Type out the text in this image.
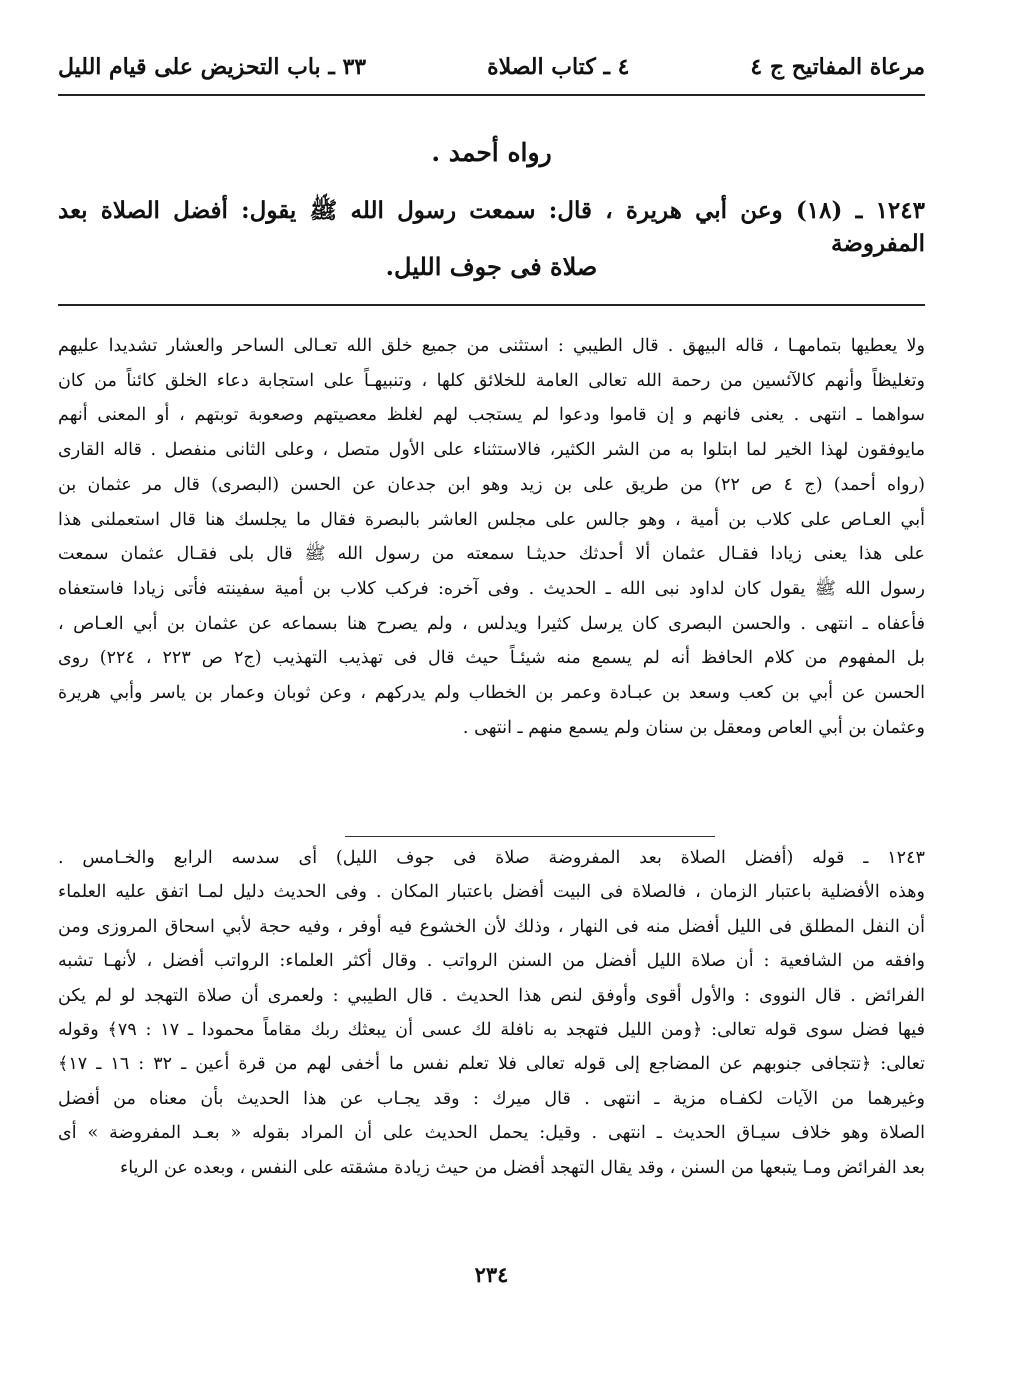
مرعاة المفاتيح ج ٤
٤ ـ كتاب الصلاة
٣٣ ـ باب التحزيض على قيام الليل
رواه أحمد .
١٢٤٣ ـ (١٨) وعن أبي هريرة ، قال: سمعت رسول الله ﷺ يقول: أفضل الصلاة بعد المفروضة
صلاة فى جوف الليل.
ولا يعطيها بتمامهـا ، قاله البيهق . قال الطيبي : استثنى من جميع خلق الله تعـالى الساحر والعشار تشديدا عليهم
وتغليظاً وأنهم كالآئسين من رحمة الله تعالى العامة للخلائق كلها ، وتنبيهـاً على استجابة دعاء الخلق كائناً من كان
سواهما ـ انتهى . يعنى فانهم و إن قاموا ودعوا لم يستجب لهم لغلظ معصيتهم وصعوبة توبتهم ، أو المعنى أنهم
مايوفقون لهذا الخير لما ابتلوا به من الشر الكثير، فالاستثناء على الأول متصل ، وعلى الثانى منفصل . قاله القارى
(رواه أحمد) (ج ٤ ص ٢٢) من طريق على بن زيد وهو ابن جدعان عن الحسن (البصرى) قال مر عثمان بن
أبي العـاص على كلاب بن أمية ، وهو جالس على مجلس العاشر بالبصرة فقال ما يجلسك هنا قال استعملنى هذا
على هذا يعنى زيادا فقـال عثمان ألا أحدثك حديثـا سمعته من رسول الله ﷺ قال بلى فقـال عثمان سمعت
رسول الله ﷺ يقول كان لداود نبى الله ـ الحديث . وفى آخره: فركب كلاب بن أمية سفينته فأتى زيادا فاستعفاه
فأعفاه ـ انتهى . والحسن البصرى كان يرسل كثيرا ويدلس ، ولم يصرح هنا بسماعه عن عثمان بن أبي العـاص ،
بل المفهوم من كلام الحافظ أنه لم يسمع منه شيئـاً حيث قال فى تهذيب التهذيب (ج٢ ص ٢٢٣ ، ٢٢٤) روى
الحسن عن أبي بن كعب وسعد بن عبـادة وعمر بن الخطاب ولم يدركهم ، وعن ثوبان وعمار بن ياسر وأبي هريرة
وعثمان بن أبي العاص ومعقل بن سنان ولم يسمع منهم ـ انتهى .
١٢٤٣ ـ قوله (أفضل الصلاة بعد المفروضة صلاة فى جوف الليل) أى سدسه الرابع والخـامس .
وهذه الأفضلية باعتبار الزمان ، فالصلاة فى البيت أفضل باعتبار المكان . وفى الحديث دليل لمـا اتفق عليه العلماء
أن النفل المطلق فى الليل أفضل منه فى النهار ، وذلك لأن الخشوع فيه أوفر ، وفيه حجة لأبي اسحاق المروزى ومن
وافقه من الشافعية : أن صلاة الليل أفضل من السنن الرواتب . وقال أكثر العلماء: الرواتب أفضل ، لأنهـا تشبه
الفرائض . قال النووى : والأول أقوى وأوفق لنص هذا الحديث . قال الطيبي : ولعمرى أن صلاة التهجد لو لم يكن
فيها فضل سوى قوله تعالى: ﴿ومن الليل فتهجد به نافلة لك عسى أن يبعثك ربك مقاماً محمودا ـ ١٧ : ٧٩﴾ وقوله
تعالى: ﴿تتجافى جنوبهم عن المضاجع إلى قوله تعالى فلا تعلم نفس ما أخفى لهم من قرة أعين ـ ٣٢ : ١٦ ـ ١٧﴾
وغيرهما من الآيات لكفـاه مزية ـ انتهى . قال ميرك : وقد يجـاب عن هذا الحديث بأن معناه من أفضل
الصلاة وهو خلاف سيـاق الحديث ـ انتهى . وقيل: يحمل الحديث على أن المراد بقوله « بعـد المفروضة » أى
بعد الفرائض ومـا يتبعها من السنن ، وقد يقال التهجد أفضل من حيث زيادة مشقته على النفس ، وبعده عن الرياء
٢٣٤
